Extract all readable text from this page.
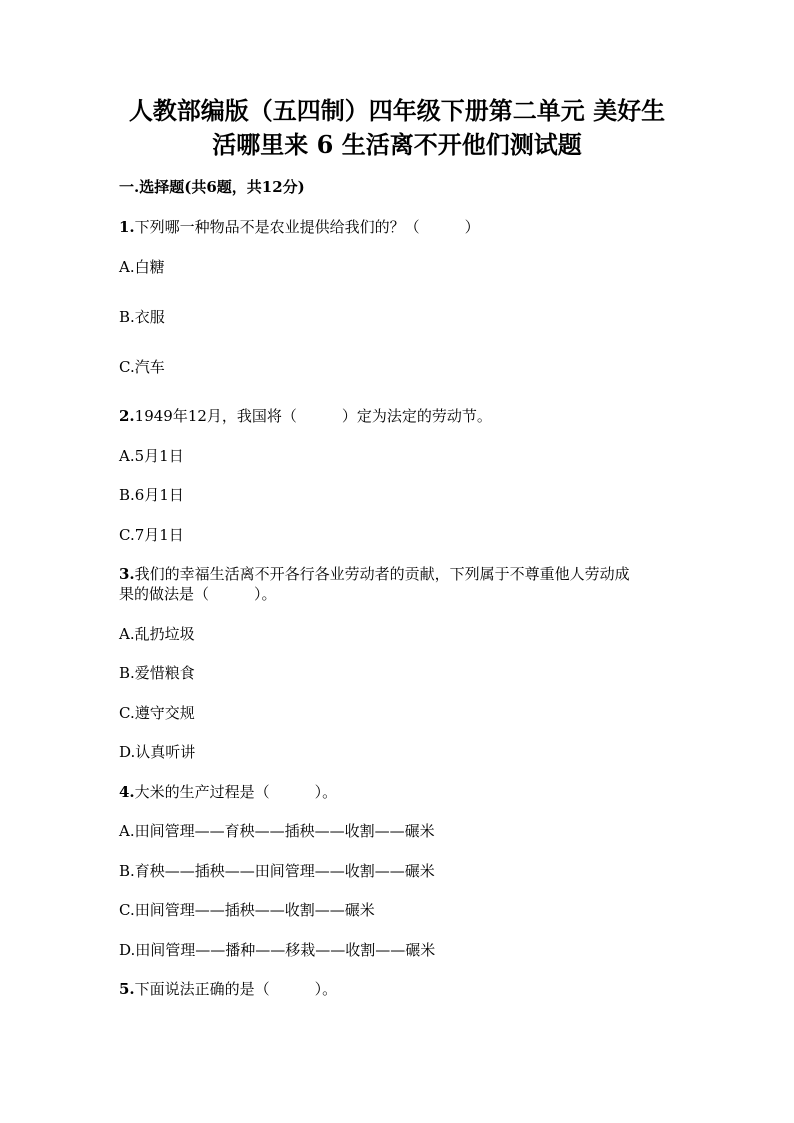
人教部编版（五四制）四年级下册第二单元 美好生
活哪里来 6 生活离不开他们测试题
一.选择题(共6题，共12分)
1.下列哪一种物品不是农业提供给我们的？（　　　）
A.白糖
B.衣服
C.汽车
2.1949年12月，我国将（　　　）定为法定的劳动节。
A.5月1日
B.6月1日
C.7月1日
3.我们的幸福生活离不开各行各业劳动者的贡献，下列属于不尊重他人劳动成
果的做法是（　　　）。
A.乱扔垃圾
B.爱惜粮食
C.遵守交规
D.认真听讲
4.大米的生产过程是（　　　）。
A.田间管理——育秧——插秧——收割——碾米
B.育秧——插秧——田间管理——收割——碾米
C.田间管理——插秧——收割——碾米
D.田间管理——播种——移栽——收割——碾米
5.下面说法正确的是（　　　）。
